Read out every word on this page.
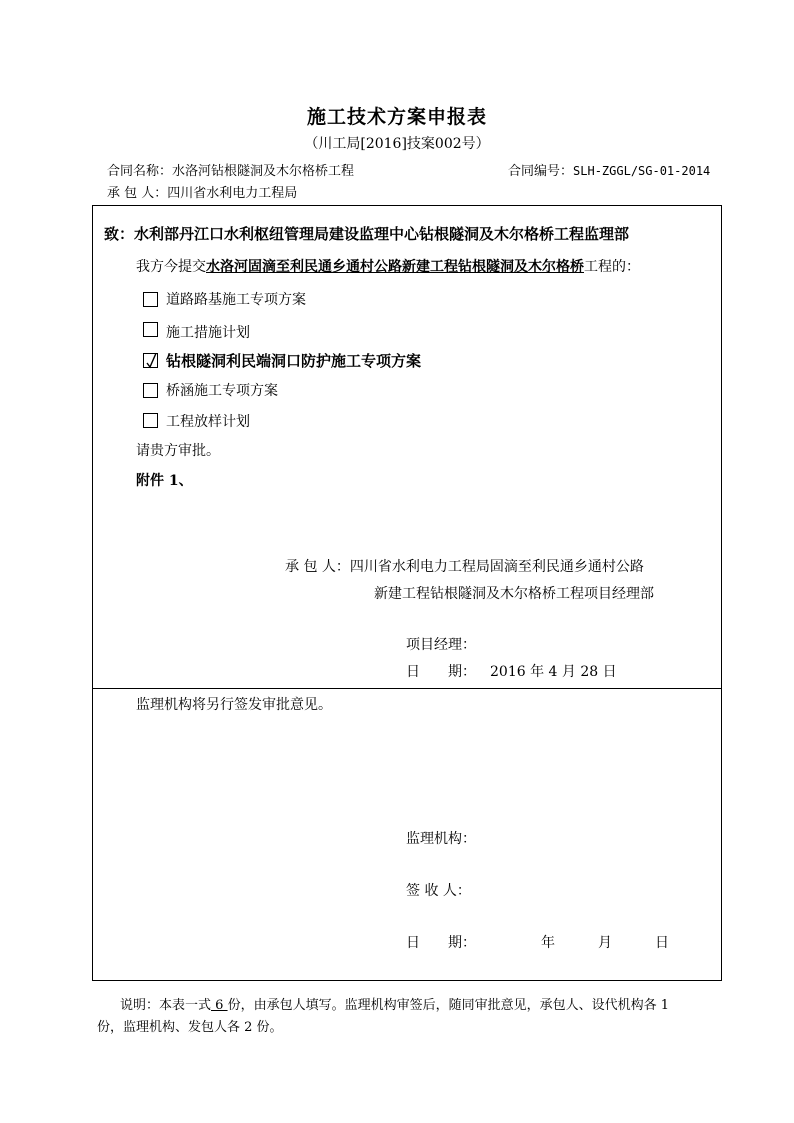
施工技术方案申报表
（川工局[2016]技案002号）
合同名称：水洛河钻根隧洞及木尔格桥工程	合同编号：SLH-ZGGL/SG-01-2014
承 包 人：四川省水利电力工程局
致：水利部丹江口水利枢纽管理局建设监理中心钻根隧洞及木尔格桥工程监理部
我方今提交水洛河固滴至利民通乡通村公路新建工程钻根隧洞及木尔格桥工程的：
道路路基施工专项方案
施工措施计划
钻根隧洞利民端洞口防护施工专项方案
桥涵施工专项方案
工程放样计划
请贵方审批。
附件 1、
承 包 人：四川省水利电力工程局固滴至利民通乡通村公路
新建工程钻根隧洞及木尔格桥工程项目经理部
项目经理：
日　　期： 2016 年 4 月 28 日
监理机构将另行签发审批意见。
监理机构：
签 收 人：
日　　期：	年	月	日
说明：本表一式 6 份，由承包人填写。监理机构审签后，随同审批意见，承包人、设代机构各 1
份，监理机构、发包人各 2 份。
